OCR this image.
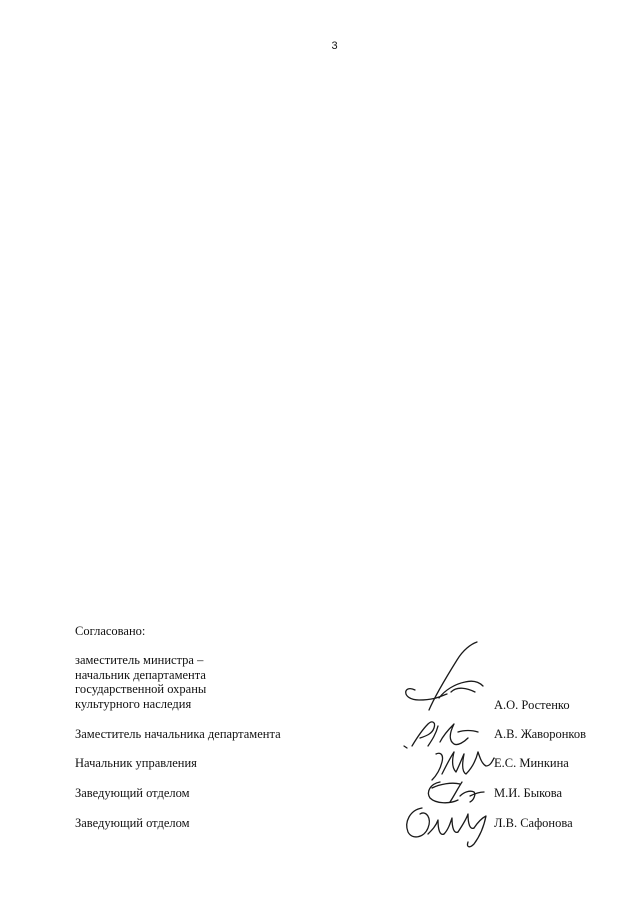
3
Согласовано:
заместитель министра –
начальник департамента
государственной охраны
культурного наследия
Заместитель начальника департамента
Начальник управления
Заведующий отделом
Заведующий отделом
А.О. Ростенко
А.В. Жаворонков
Е.С. Минкина
М.И. Быкова
Л.В. Сафонова
